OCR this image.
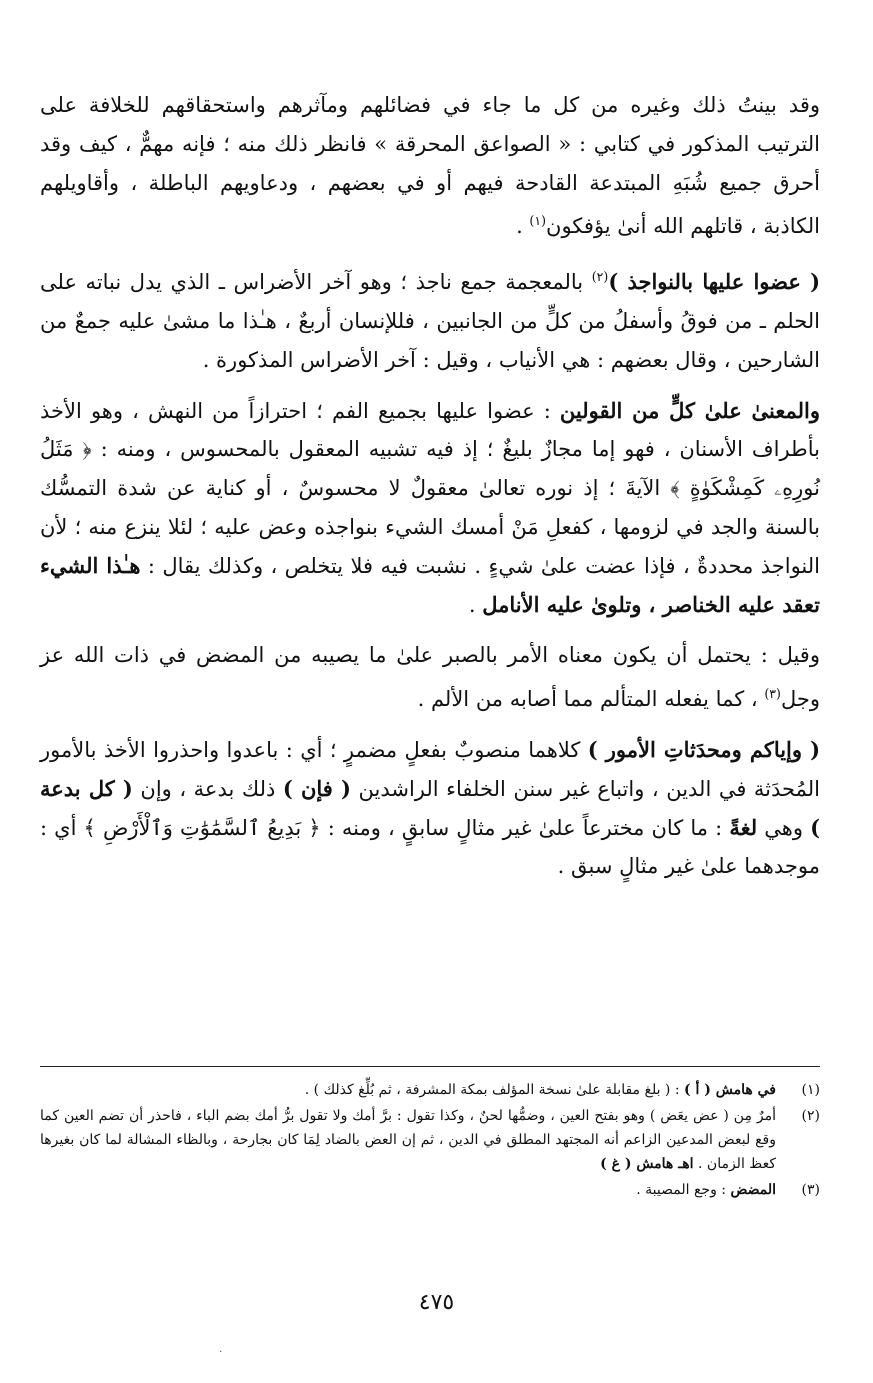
وقد بينتُ ذلك وغيره من كل ما جاء في فضائلهم ومآثرهم واستحقاقهم للخلافة على الترتيب المذكور في كتابي : « الصواعق المحرقة » فانظر ذلك منه ؛ فإنه مهمٌّ ، كيف وقد أحرق جميع شُبَهِ المبتدعة القادحة فيهم أو في بعضهم ، ودعاويهم الباطلة ، وأقاويلهم الكاذبة ، قاتلهم الله أنىٰ يؤفكون$^{(١)}$ .

( عضوا عليها بالنواجذ )$^{(٢)}$ بالمعجمة جمع ناجذ ؛ وهو آخر الأضراس ـ الذي يدل نباته على الحلم ـ من فوقُ وأسفلُ من كلٍّ من الجانبين ، فللإنسان أربعٌ ، هـٰذا ما مشىٰ عليه جمعٌ من الشارحين ، وقال بعضهم : هي الأنياب ، وقيل : آخر الأضراس المذكورة .

والمعنىٰ علىٰ كلٍّ من القولين : عضوا عليها بجميع الفم ؛ احترازاً من النهش ، وهو الأخذ بأطراف الأسنان ، فهو إما مجازٌ بليغٌ ؛ إذ فيه تشبيه المعقول بالمحسوس ، ومنه : ﴿ مَثَلُ نُورِهِۦ كَمِشْكَوٰةٍ ﴾ الآيةَ ؛ إذ نوره تعالىٰ معقولٌ لا محسوسٌ ، أو كناية عن شدة التمسُّك بالسنة والجد في لزومها ، كفعلِ مَنْ أمسك الشيء بنواجذه وعض عليه ؛ لئلا ينزع منه ؛ لأن النواجذ محددةٌ ، فإذا عضت علىٰ شيءٍ . نشبت فيه فلا يتخلص ، وكذلك يقال : هـٰذا الشيء تعقد عليه الخناصر ، وتلوىٰ عليه الأنامل .

وقيل : يحتمل أن يكون معناه الأمر بالصبر علىٰ ما يصيبه من المضض في ذات الله عز وجل$^{(٣)}$ ، كما يفعله المتألم مما أصابه من الألم .

( وإياكم ومحدَثاتِ الأمور ) كلاهما منصوبٌ بفعلٍ مضمرٍ ؛ أي : باعدوا واحذروا الأخذ بالأمور المُحدَثة في الدين ، واتباع غير سنن الخلفاء الراشدين ( فإن ) ذلك بدعة ، وإن ( كل بدعة ) وهي لغةً : ما كان مخترعاً علىٰ غير مثالٍ سابقٍ ، ومنه : ﴿ بَدِيعُ ٱلسَّمَٰوَٰتِ وَٱلْأَرْضِ ﴾ أي : موجدهما علىٰ غير مثالٍ سبق .

(١)
في هامش ( أ ) : ( بلغ مقابلة علىٰ نسخة المؤلف بمكة المشرفة ، ثم بُلِّغ كذلك ) .
(٢)
أمرٌ مِن ( عض يعَض ) وهو بفتح العين ، وضمُّها لحنٌ ، وكذا تقول : برَّ أمك ولا تقول برُّ أمك بضم الباء ، فاحذر أن تضم العين كما وقع لبعض المدعين الزاعم أنه المجتهد المطلق في الدين ، ثم إن العض بالضاد لِمَا كان بجارحة ، وبالظاء المشالة لما كان بغيرها كعظ الزمان . اهـ هامش ( غ )
(٣)
المضض : وجع المصيبة .
٤٧٥
·
